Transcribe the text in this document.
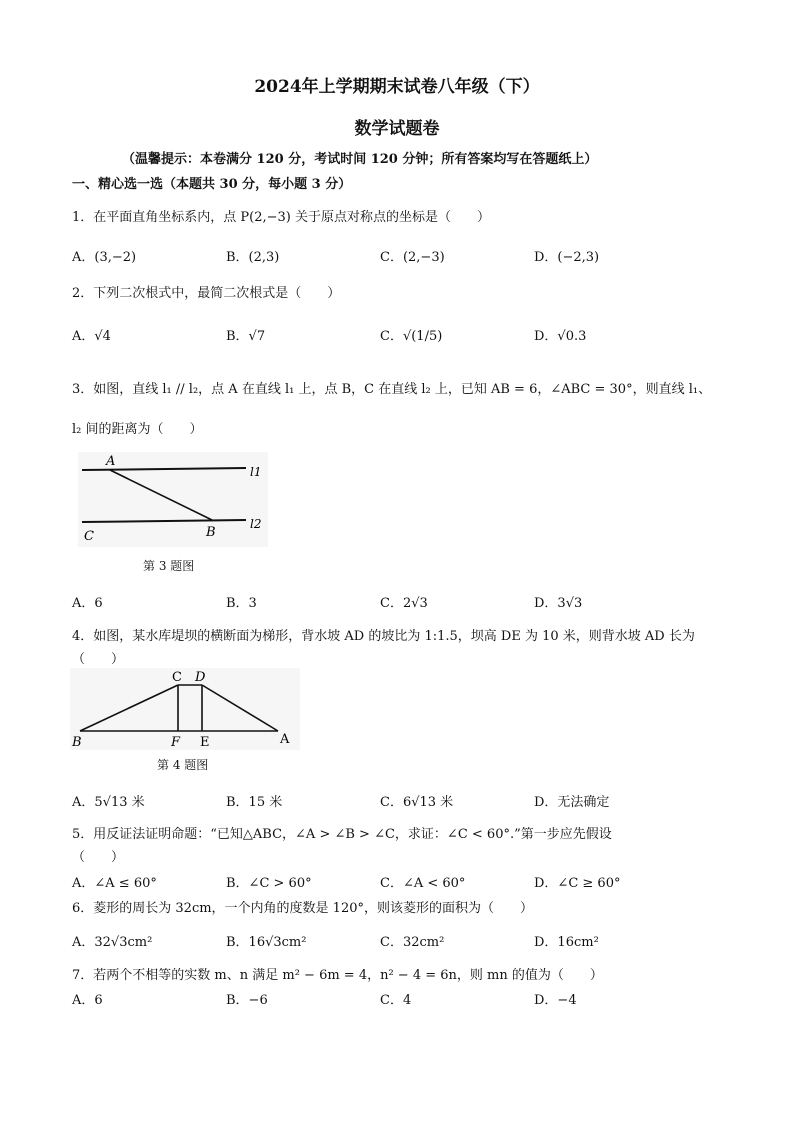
2024年上学期期末试卷八年级（下）
数学试题卷
（温馨提示：本卷满分 120 分，考试时间 120 分钟；所有答案均写在答题纸上）
一、精心选一选（本题共 30 分，每小题 3 分）
1．在平面直角坐标系内，点 P(2,−3) 关于原点对称点的坐标是（　　）
A．(3,−2)	B．(2,3)	C．(2,−3)	D．(−2,3)
2．下列二次根式中，最简二次根式是（　　）
A．√4	B．√7	C．√(1/5)	D．√0.3
3．如图，直线 l₁ // l₂，点 A 在直线 l₁ 上，点 B，C 在直线 l₂ 上，已知 AB = 6，∠ABC = 30°，则直线 l₁、
l₂ 间的距离为（　　）
A
B
C
l1
l2
第 3 题图
A．6	B．3	C．2√3	D．3√3
4．如图，某水库堤坝的横断面为梯形，背水坡 AD 的坡比为 1:1.5，坝高 DE 为 10 米，则背水坡 AD 长为
（　　）
C D
B	F E	A
第 4 题图
A．5√13 米	B．15 米	C．6√13 米	D．无法确定
5．用反证法证明命题：“已知△ABC，∠A > ∠B > ∠C，求证：∠C < 60°.”第一步应先假设
（　　）
A．∠A ≤ 60°	B．∠C > 60°	C．∠A < 60°	D．∠C ≥ 60°
6．菱形的周长为 32cm，一个内角的度数是 120°，则该菱形的面积为（　　）
A．32√3cm²	B．16√3cm²	C．32cm²	D．16cm²
7．若两个不相等的实数 m、n 满足 m² − 6m = 4，n² − 4 = 6n，则 mn 的值为（　　）
A．6	B．−6	C．4	D．−4
